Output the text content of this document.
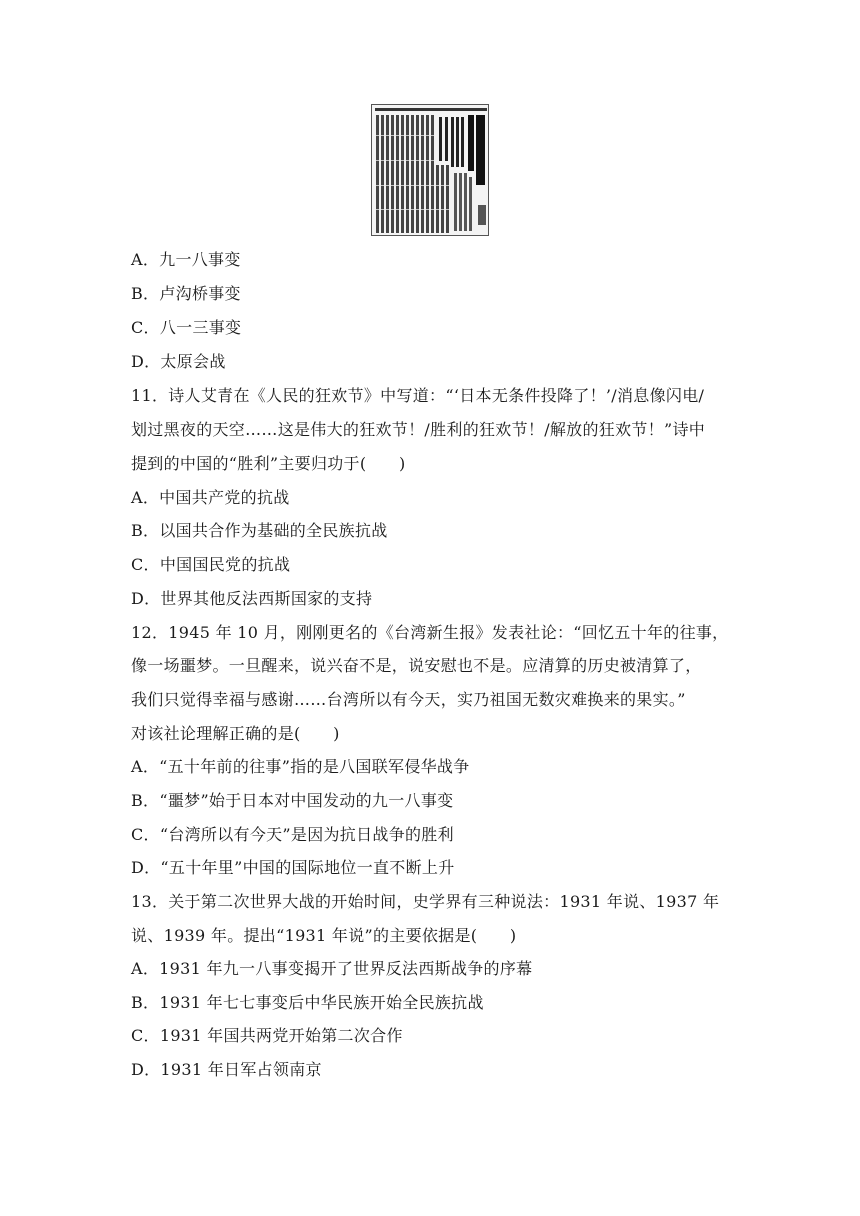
A．九一八事变
B．卢沟桥事变
C．八一三事变
D．太原会战
11．诗人艾青在《人民的狂欢节》中写道：“‘日本无条件投降了！’/消息像闪电/
划过黑夜的天空……这是伟大的狂欢节！/胜利的狂欢节！/解放的狂欢节！”诗中
提到的中国的“胜利”主要归功于(　　)
A．中国共产党的抗战
B．以国共合作为基础的全民族抗战
C．中国国民党的抗战
D．世界其他反法西斯国家的支持
12．1945 年 10 月，刚刚更名的《台湾新生报》发表社论：“回忆五十年的往事，
像一场噩梦。一旦醒来，说兴奋不是，说安慰也不是。应清算的历史被清算了，
我们只觉得幸福与感谢……台湾所以有今天，实乃祖国无数灾难换来的果实。”
对该社论理解正确的是(　　)
A．“五十年前的往事”指的是八国联军侵华战争
B．“噩梦”始于日本对中国发动的九一八事变
C．“台湾所以有今天”是因为抗日战争的胜利
D．“五十年里”中国的国际地位一直不断上升
13．关于第二次世界大战的开始时间，史学界有三种说法：1931 年说、1937 年
说、1939 年。提出“1931 年说”的主要依据是(　　)
A．1931 年九一八事变揭开了世界反法西斯战争的序幕
B．1931 年七七事变后中华民族开始全民族抗战
C．1931 年国共两党开始第二次合作
D．1931 年日军占领南京
